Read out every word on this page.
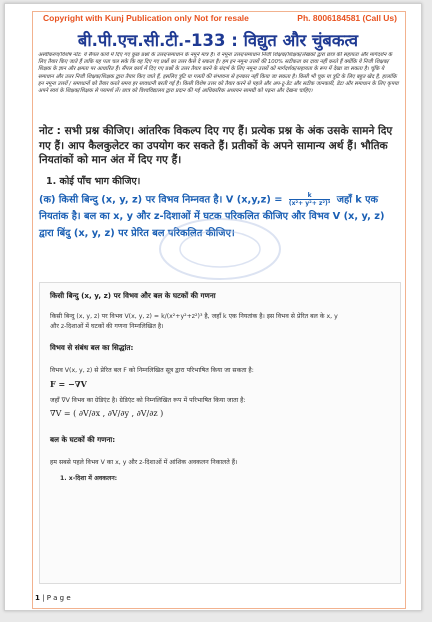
Copyright with Kunj Publication only Not for resale	Ph. 8006184581 (Call Us)
बी.पी.एच.सी.टी.-133 : विद्युत और चुंबकत्व
अस्वीकरण/विशेष नोट: ये सैंपल कार्य में दिए गए कुछ प्रश्नों के उत्तर/समाधान के नमूने मात्र हैं। ये नमूना उत्तर/समाधान निजी शिक्षक/शिक्षक/लेखकों द्वारा छात्र की सहायता और मार्गदर्शन के लिए तैयार किए जाते हैं ताकि यह पता चल सके कि वह दिए गए प्रश्नों का उत्तर कैसे दे सकता है। हम इन नमूना उत्तरों की 100% सटीकता का दावा नहीं करते हैं क्योंकि ये निजी शिक्षक/शिक्षक के ज्ञान और क्षमता पर आधारित हैं। सैंपल कार्य में दिए गए प्रश्नों के उत्तर तैयार करने के संदर्भ के लिए नमूना उत्तरों को मार्गदर्शक/सहायता के रूप में देखा जा सकता है। चूंकि ये समाधान और उत्तर निजी शिक्षक/शिक्षक द्वारा तैयार किए जाते हैं, इसलिए त्रुटि या गलती की संभावना से इनकार नहीं किया जा सकता है। किसी भी चूक या त्रुटि के लिए बहुत खेद है, हालांकि इन नमूना उत्तरों / समाधानों को तैयार करते समय हर सावधानी बरती गई है। किसी विशेष उत्तर को तैयार करने से पहले और अप-टू-डेट और सटीक जानकारी, डेटा और समाधान के लिए कृपया अपने स्वयं के शिक्षक/शिक्षक से परामर्श लें। छात्र को विश्वविद्यालय द्वारा प्रदान की गई आधिकारिक अध्ययन सामग्री को पढ़ना और देखना चाहिए।
नोट : सभी प्रश्न कीजिए। आंतरिक विकल्प दिए गए हैं। प्रत्येक प्रश्न के अंक उसके सामने दिए गए हैं। आप कैलकुलेटर का उपयोग कर सकते हैं। प्रतीकों के अपने सामान्य अर्थ हैं। भौतिक नियतांकों को मान अंत में दिए गए हैं।
1. कोई पाँच भाग कीजिए।
(क) किसी बिन्दु (x, y, z) पर विभव निम्नवत है। V $(x,y,z) = \frac{k}{\text{(x²+ y²+ z²)³}}$ जहाँ k एक नियतांक है। बल का x, y और z-दिशाओं में घटक परिकलित कीजिए और विभव V (x, y, z) द्वारा बिंदु (x, y, z) पर प्रेरित बल परिकलित कीजिए।
किसी बिन्दु (x, y, z) पर विभव और बल के घटकों की गणना
किसी बिन्दु (x, y, z) पर विभव V(x, y, z) = k/(x²+y²+z²)³ है, जहाँ k एक नियतांक है। इस विभव से प्रेरित बल के x, y
और z-दिशाओं में घटकों की गणना निम्नलिखित है।
विभव से संबंध बल का सिद्धांत:
विभव V(x, y, z) से प्रेरित बल F को निम्नलिखित सूत्र द्वारा परिभाषित किया जा सकता है:
F = −∇V
जहाँ ∇V विभव का ग्रेडिएंट है। ग्रेडिएंट को निम्नलिखित रूप में परिभाषित किया जाता है:
∇V = ( ∂V/∂x , ∂V/∂y , ∂V/∂z )
बल के घटकों की गणना:
हम सबसे पहले विभव V का x, y और z-दिशाओं में आंशिक अवकलन निकालते हैं।
1. x-दिशा में अवकलन:
1 | P a g e
